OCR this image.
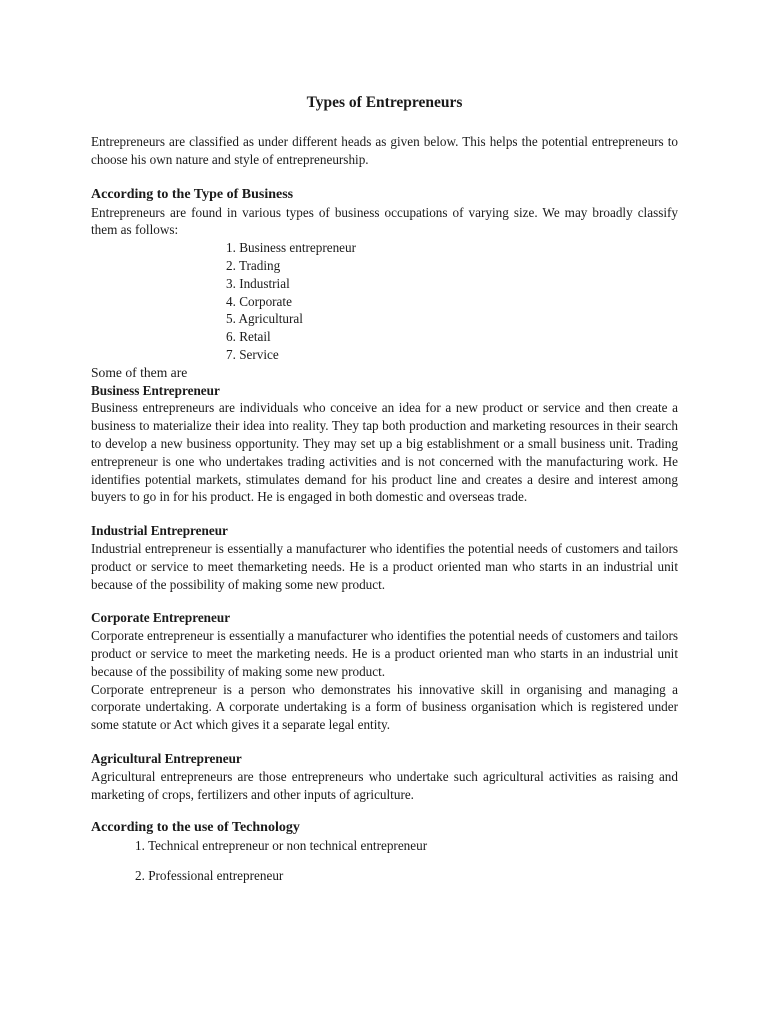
Types of Entrepreneurs

Entrepreneurs are classified as under different heads as given below. This helps the potential entrepreneurs to choose his own nature and style of entrepreneurship.

According to the Type of Business

Entrepreneurs are found in various types of business occupations of varying size. We may broadly classify them as follows:

1. Business entrepreneur
2. Trading
3. Industrial
4. Corporate
5. Agricultural
6. Retail
7. Service

Some of them are

Business Entrepreneur

Business entrepreneurs are individuals who conceive an idea for a new product or service and then create a business to materialize their idea into reality. They tap both production and marketing resources in their search to develop a new business opportunity. They may set up a big establishment or a small business unit. Trading entrepreneur is one who undertakes trading activities and is not concerned with the manufacturing work. He identifies potential markets, stimulates demand for his product line and creates a desire and interest among buyers to go in for his product. He is engaged in both domestic and overseas trade.

Industrial Entrepreneur

Industrial entrepreneur is essentially a manufacturer who identifies the potential needs of customers and tailors product or service to meet themarketing needs. He is a product oriented man who starts in an industrial unit because of the possibility of making some new product.

Corporate Entrepreneur

Corporate entrepreneur is essentially a manufacturer who identifies the potential needs of customers and tailors product or service to meet the marketing needs. He is a product oriented man who starts in an industrial unit because of the possibility of making some new product.

Corporate entrepreneur is a person who demonstrates his innovative skill in organising and managing a corporate undertaking. A corporate undertaking is a form of business organisation which is registered under some statute or Act which gives it a separate legal entity.

Agricultural Entrepreneur

Agricultural entrepreneurs are those entrepreneurs who undertake such agricultural activities as raising and marketing of crops, fertilizers and other inputs of agriculture.

According to the use of Technology
1. Technical entrepreneur or non technical entrepreneur
2. Professional entrepreneur
